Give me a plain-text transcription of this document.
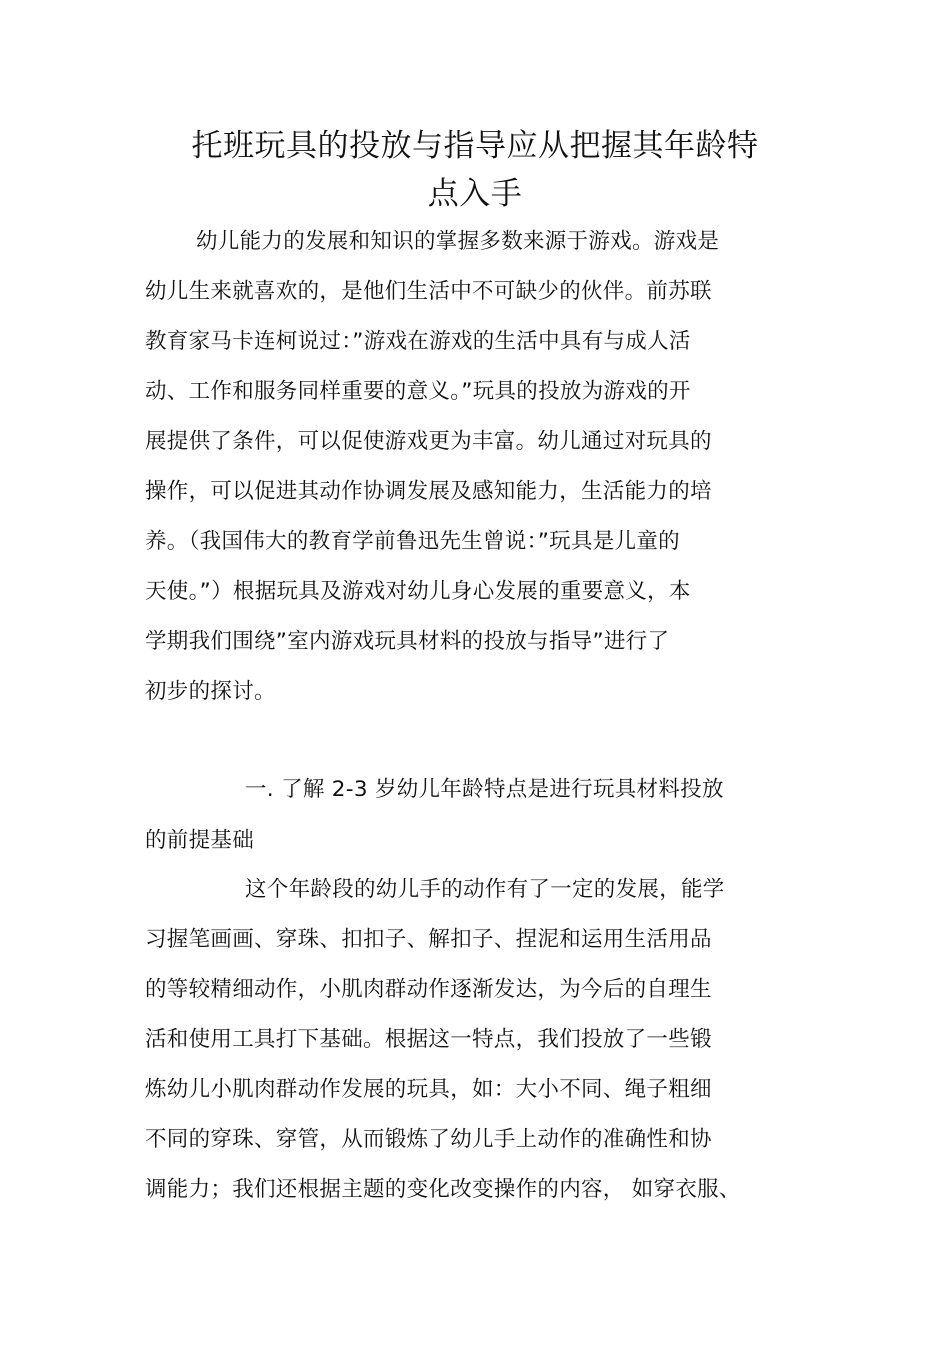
托班玩具的投放与指导应从把握其年龄特
点入手
幼儿能力的发展和知识的掌握多数来源于游戏。游戏是
幼儿生来就喜欢的，是他们生活中不可缺少的伙伴。前苏联
教育家马卡连柯说过：”游戏在游戏的生活中具有与成人活
动、工作和服务同样重要的意义。”玩具的投放为游戏的开
展提供了条件，可以促使游戏更为丰富。幼儿通过对玩具的
操作，可以促进其动作协调发展及感知能力，生活能力的培
养。（我国伟大的教育学前鲁迅先生曾说：”玩具是儿童的
天使。”）根据玩具及游戏对幼儿身心发展的重要意义，本
学期我们围绕”室内游戏玩具材料的投放与指导”进行了
初步的探讨。
一. 了解 2-3 岁幼儿年龄特点是进行玩具材料投放
的前提基础
这个年龄段的幼儿手的动作有了一定的发展，能学
习握笔画画、穿珠、扣扣子、解扣子、捏泥和运用生活用品
的等较精细动作，小肌肉群动作逐渐发达，为今后的自理生
活和使用工具打下基础。根据这一特点，我们投放了一些锻
炼幼儿小肌肉群动作发展的玩具，如：大小不同、绳子粗细
不同的穿珠、穿管，从而锻炼了幼儿手上动作的准确性和协
调能力；我们还根据主题的变化改变操作的内容， 如穿衣服、
